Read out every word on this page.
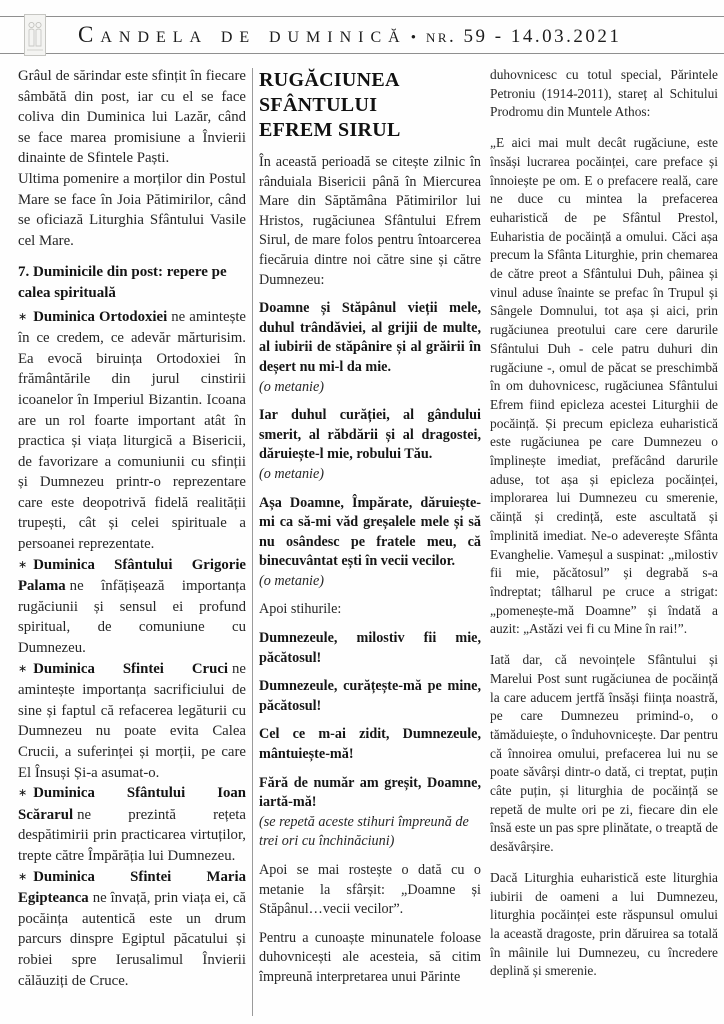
Candela de duminică • nr. 59 - 14.03.2021

Grâul de sărindar este sfințit în fiecare sâmbătă din post, iar cu el se face coliva din Duminica lui Lazăr, când se face marea promisiune a Învierii dinainte de Sfintele Paști.

Ultima pomenire a morților din Postul Mare se face în Joia Pătimirilor, când se oficiază Liturghia Sfântului Vasile cel Mare.

7. Duminicile din post: repere pe calea spirituală

∗ Duminica Ortodoxiei ne amintește în ce credem, ce adevăr mărturisim. Ea evocă biruința Ortodoxiei în frământările din jurul cinstirii icoanelor în Imperiul Bizantin. Icoana are un rol foarte important atât în practica și viața liturgică a Bisericii, de favorizare a comuniunii cu sfinții și Dumnezeu printr-o reprezentare care este deopotrivă fidelă realității trupești, cât și celei spirituale a persoanei reprezentate.

∗ Duminica Sfântului Grigorie Palama ne înfățișează importanța rugăciunii și sensul ei profund spiritual, de comuniune cu Dumnezeu.

∗ Duminica Sfintei Cruci ne amintește importanța sacrificiului de sine și faptul că refacerea legăturii cu Dumnezeu nu poate evita Calea Crucii, a suferinței și morții, pe care El Însuși Și-a asumat-o.

∗ Duminica Sfântului Ioan Scărarul ne prezintă rețeta despătimirii prin practicarea virtuților, trepte către Împărăția lui Dumnezeu.

∗ Duminica Sfintei Maria Egipteanca ne învață, prin viața ei, că pocăința autentică este un drum parcurs dinspre Egiptul păcatului și robiei spre Ierusalimul Învierii călăuziți de Cruce.

RUGĂCIUNEA
SFÂNTULUI
EFREM SIRUL

În această perioadă se citește zilnic în rânduiala Bisericii până în Miercurea Mare din Săptămâna Pătimirilor lui Hristos, rugăciunea Sfântului Efrem Sirul, de mare folos pentru întoarcerea fiecăruia dintre noi către sine și către Dumnezeu:

Doamne și Stăpânul vieții mele, duhul trândăviei, al grijii de multe, al iubirii de stăpânire și al grăirii în deșert nu mi-l da mie.

(o metanie)

Iar duhul curăției, al gândului smerit, al răbdării și al dragostei, dăruiește-l mie, robului Tău.

(o metanie)

Așa Doamne, Împărate, dăruiește-mi ca să-mi văd greșalele mele și să nu osândesc pe fratele meu, că binecuvântat ești în vecii vecilor.

(o metanie)

Apoi stihurile:

Dumnezeule, milostiv fii mie, păcătosul!

Dumnezeule, curățește-mă pe mine, păcătosul!

Cel ce m-ai zidit, Dumnezeule, mântuiește-mă!

Fără de număr am greșit, Doamne, iartă-mă!

(se repetă aceste stihuri împreună de trei ori cu închinăciuni)

Apoi se mai rostește o dată cu o metanie la sfârșit: „Doamne și Stăpânul…vecii vecilor”.

Pentru a cunoaște minunatele foloase duhovnicești ale acesteia, să citim împreună interpretarea unui Părinte

duhovnicesc cu totul special, Părintele Petroniu (1914-2011), stareț al Schitului Prodromu din Muntele Athos:

„E aici mai mult decât rugăciune, este însăși lucrarea pocăinței, care preface și înnoiește pe om. E o prefacere reală, care ne duce cu mintea la prefacerea euharistică de pe Sfântul Prestol, Euharistia de pocăință a omului. Căci așa precum la Sfânta Liturghie, prin chemarea de către preot a Sfântului Duh, pâinea și vinul aduse înainte se prefac în Trupul și Sângele Domnului, tot așa și aici, prin rugăciunea preotului care cere darurile Sfântului Duh - cele patru duhuri din rugăciune -, omul de păcat se preschimbă în om duhovnicesc, rugăciunea Sfântului Efrem fiind epicleza acestei Liturghii de pocăință. Și precum epicleza euharistică este rugăciunea pe care Dumnezeu o împlinește imediat, prefăcând darurile aduse, tot așa și epicleza pocăinței, implorarea lui Dumnezeu cu smerenie, căință și credință, este ascultată și împlinită imediat. Ne-o adeverește Sfânta Evanghelie. Vameșul a suspinat: „milostiv fii mie, păcătosul” și degrabă s-a îndreptat; tâlharul pe cruce a strigat: „pomenește-mă Doamne” și îndată a auzit: „Astăzi vei fi cu Mine în rai!”.

Iată dar, că nevoințele Sfântului și Marelui Post sunt rugăciunea de pocăință la care aducem jertfă însăși ființa noastră, pe care Dumnezeu primind-o, o tămăduiește, o înduhovnicește. Dar pentru că înnoirea omului, prefacerea lui nu se poate săvârși dintr-o dată, ci treptat, puțin câte puțin, și liturghia de pocăință se repetă de multe ori pe zi, fiecare din ele însă este un pas spre plinătate, o treaptă de desăvârșire.

Dacă Liturghia euharistică este liturghia iubirii de oameni a lui Dumnezeu, liturghia pocăinței este răspunsul omului la această dragoste, prin dăruirea sa totală în mâinile lui Dumnezeu, cu încredere deplină și smerenie.
